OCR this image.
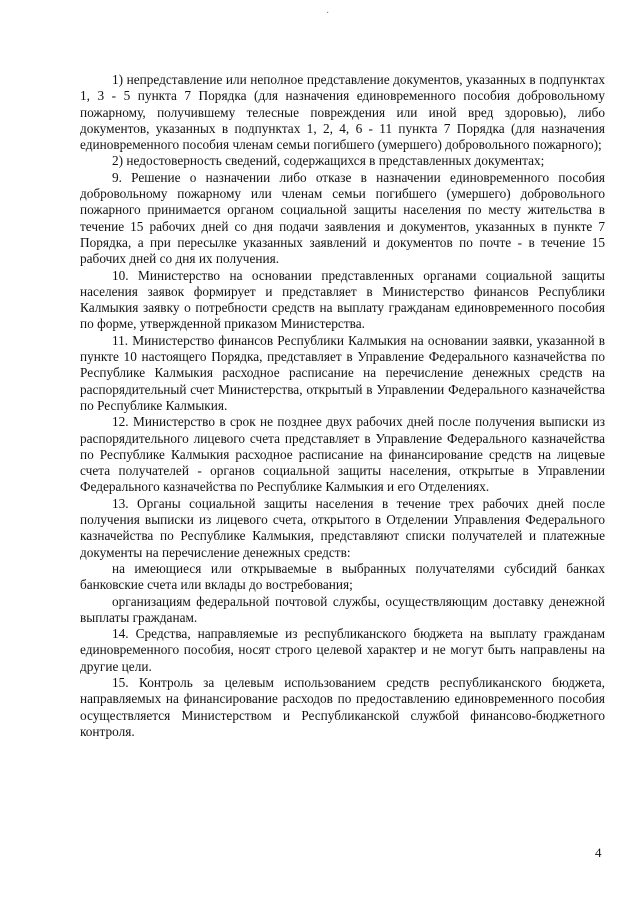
·

1) непредставление или неполное представление документов, указанных в подпунктах 1, 3 - 5 пункта 7 Порядка (для назначения единовременного пособия добровольному пожарному, получившему телесные повреждения или иной вред здоровью), либо документов, указанных в подпунктах 1, 2, 4, 6 - 11 пункта 7 Порядка (для назначения единовременного пособия членам семьи погибшего (умершего) добровольного пожарного);

2) недостоверность сведений, содержащихся в представленных документах;

9. Решение о назначении либо отказе в назначении единовременного пособия добровольному пожарному или членам семьи погибшего (умершего) добровольного пожарного принимается органом социальной защиты населения по месту жительства в течение 15 рабочих дней со дня подачи заявления и документов, указанных в пункте 7 Порядка, а при пересылке указанных заявлений и документов по почте - в течение 15 рабочих дней со дня их получения.

10. Министерство на основании представленных органами социальной защиты населения заявок формирует и представляет в Министерство финансов Республики Калмыкия заявку о потребности средств на выплату гражданам единовременного пособия по форме, утвержденной приказом Министерства.

11. Министерство финансов Республики Калмыкия на основании заявки, указанной в пункте 10 настоящего Порядка, представляет в Управление Федерального казначейства по Республике Калмыкия расходное расписание на перечисление денежных средств на распорядительный счет Министерства, открытый в Управлении Федерального казначейства по Республике Калмыкия.

12. Министерство в срок не позднее двух рабочих дней после получения выписки из распорядительного лицевого счета представляет в Управление Федерального казначейства по Республике Калмыкия расходное расписание на финансирование средств на лицевые счета получателей - органов социальной защиты населения, открытые в Управлении Федерального казначейства по Республике Калмыкия и его Отделениях.

13. Органы социальной защиты населения в течение трех рабочих дней после получения выписки из лицевого счета, открытого в Отделении Управления Федерального казначейства по Республике Калмыкия, представляют списки получателей и платежные документы на перечисление денежных средств:

на имеющиеся или открываемые в выбранных получателями субсидий банках банковские счета или вклады до востребования;

организациям федеральной почтовой службы, осуществляющим доставку денежной выплаты гражданам.

14. Средства, направляемые из республиканского бюджета на выплату гражданам единовременного пособия, носят строго целевой характер и не могут быть направлены на другие цели.

15. Контроль за целевым использованием средств республиканского бюджета, направляемых на финансирование расходов по предоставлению единовременного пособия осуществляется Министерством и Республиканской службой финансово-бюджетного контроля.

4
